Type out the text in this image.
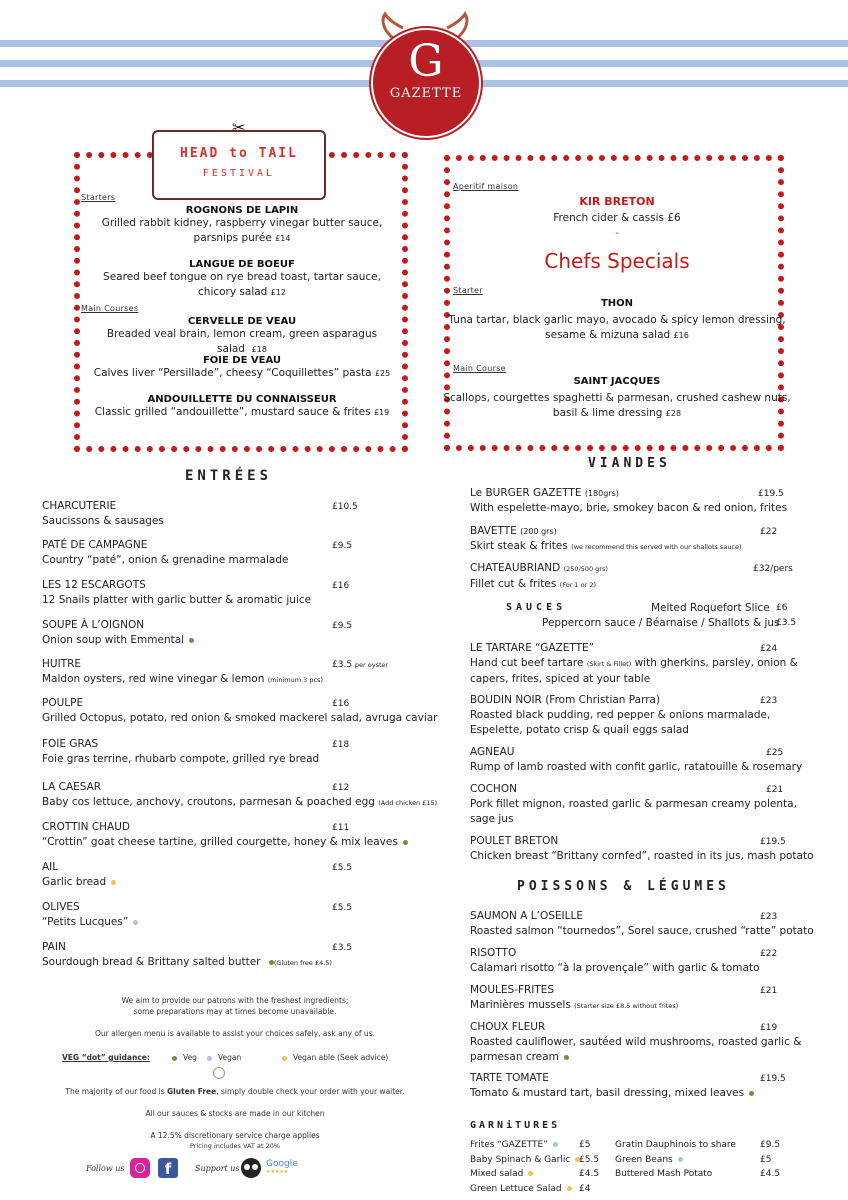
G
GAZETTE
✂
HEAD to TAIL
FESTIVAL
Starters
ROGNONS DE LAPIN
Grilled rabbit kidney, raspberry vinegar butter sauce,
parsnips purée £14
LANGUE DE BOEUF
Seared beef tongue on rye bread toast, tartar sauce,
chicory salad £12
Main Courses
CERVELLE DE VEAU
Breaded veal brain, lemon cream, green asparagus salad £18
FOIE DE VEAU
Calves liver “Persillade”, cheesy “Coquillettes” pasta £25
ANDOUILLETTE DU CONNAISSEUR
Classic grilled “andouillette”, mustard sauce & frites £19
Aperitif maison
KIR BRETON
French cider & cassis £6
-
Chefs Specials
Starter
THON
Tuna tartar, black garlic mayo, avocado & spicy lemon dressing,
sesame & mizuna salad £16
Main Course
SAINT JACQUES
Scallops, courgettes spaghetti & parmesan, crushed cashew nuts,
basil & lime dressing £28
ENTRÉES
CHARCUTERIE
Saucissons & sausages
£10.5
PATÉ DE CAMPAGNE
Country “paté”, onion & grenadine marmalade
£9.5
LES 12 ESCARGOTS
12 Snails platter with garlic butter & aromatic juice
£16
SOUPE À L’OIGNON
Onion soup with Emmental
£9.5
HUITRE
Maldon oysters, red wine vinegar & lemon (minimum 3 pcs)
£3.5 per oyster
POULPE
Grilled Octopus, potato, red onion & smoked mackerel salad, avruga caviar
£16
FOIE GRAS
Foie gras terrine, rhubarb compote, grilled rye bread
£18
LA CAESAR
Baby cos lettuce, anchovy, croutons, parmesan & poached egg (Add chicken £15)
£12
CROTTIN CHAUD
“Crottin” goat cheese tartine, grilled courgette, honey & mix leaves
£11
AIL
Garlic bread
£5.5
OLIVES
“Petits Lucques”
£5.5
PAIN
Sourdough bread & Brittany salted butter (Gluten free £4.5)
£3.5
VIANDES
Le BURGER GAZETTE (180grs)
With espelette-mayo, brie, smokey bacon & red onion, frites
£19.5
BAVETTE (200 grs)
Skirt steak & frites (we recommend this served with our shallots sauce)
£22
CHATEAUBRIAND (250/500 grs)
Fillet cut & frites (For 1 or 2)
£32/pers
SAUCES	Melted Roquefort Slice £6
Peppercorn sauce / Béarnaise / Shallots & jus
£3.5
LE TARTARE “GAZETTE”
Hand cut beef tartare (Skirt & Fillet) with gherkins, parsley, onion &
capers, frites, spiced at your table
£24
BOUDIN NOIR (From Christian Parra)
Roasted black pudding, red pepper & onions marmalade,
Espelette, potato crisp & quail eggs salad
£23
AGNEAU
Rump of lamb roasted with confit garlic, ratatouille & rosemary
£25
COCHON
Pork fillet mignon, roasted garlic & parmesan creamy polenta,
sage jus
£21
POULET BRETON
Chicken breast “Brittany cornfed”, roasted in its jus, mash potato
£19.5
POISSONS & LÉGUMES
SAUMON A L’OSEILLE
Roasted salmon “tournedos”, Sorel sauce, crushed “ratte” potato
£23
RISOTTO
Calamari risotto “à la provençale” with garlic & tomato
£22
MOULES-FRITES
Marinières mussels (Starter size £8.5 without frites)
£21
CHOUX FLEUR
Roasted cauliflower, sautéed wild mushrooms, roasted garlic &
parmesan cream
£19
TARTE TOMATE
Tomato & mustard tart, basil dressing, mixed leaves
£19.5
GARNiTURES
Frites “GAZETTE”	£5
Baby Spinach & Garlic £5.5
Mixed salad	£4.5
Green Lettuce Salad	£4
Gratin Dauphinois to share	£9.5
Green Beans	£5
Buttered Mash Potato	£4.5
We aim to provide our patrons with the freshest ingredients;
some preparations may at times become unavailable.
Our allergen menu is available to assist your choices safely, ask any of us.
VEG “dot” guidance:	Veg	Vegan	Vegan able (Seek advice)
The majority of our food is Gluten Free, simply double check your order with your waiter.
All our sauces & stocks are made in our kitchen
A 12.5% discretionary service charge applies
Pricing includes VAT at 20%
Follow us	f	Support us	Google
★★★★★
